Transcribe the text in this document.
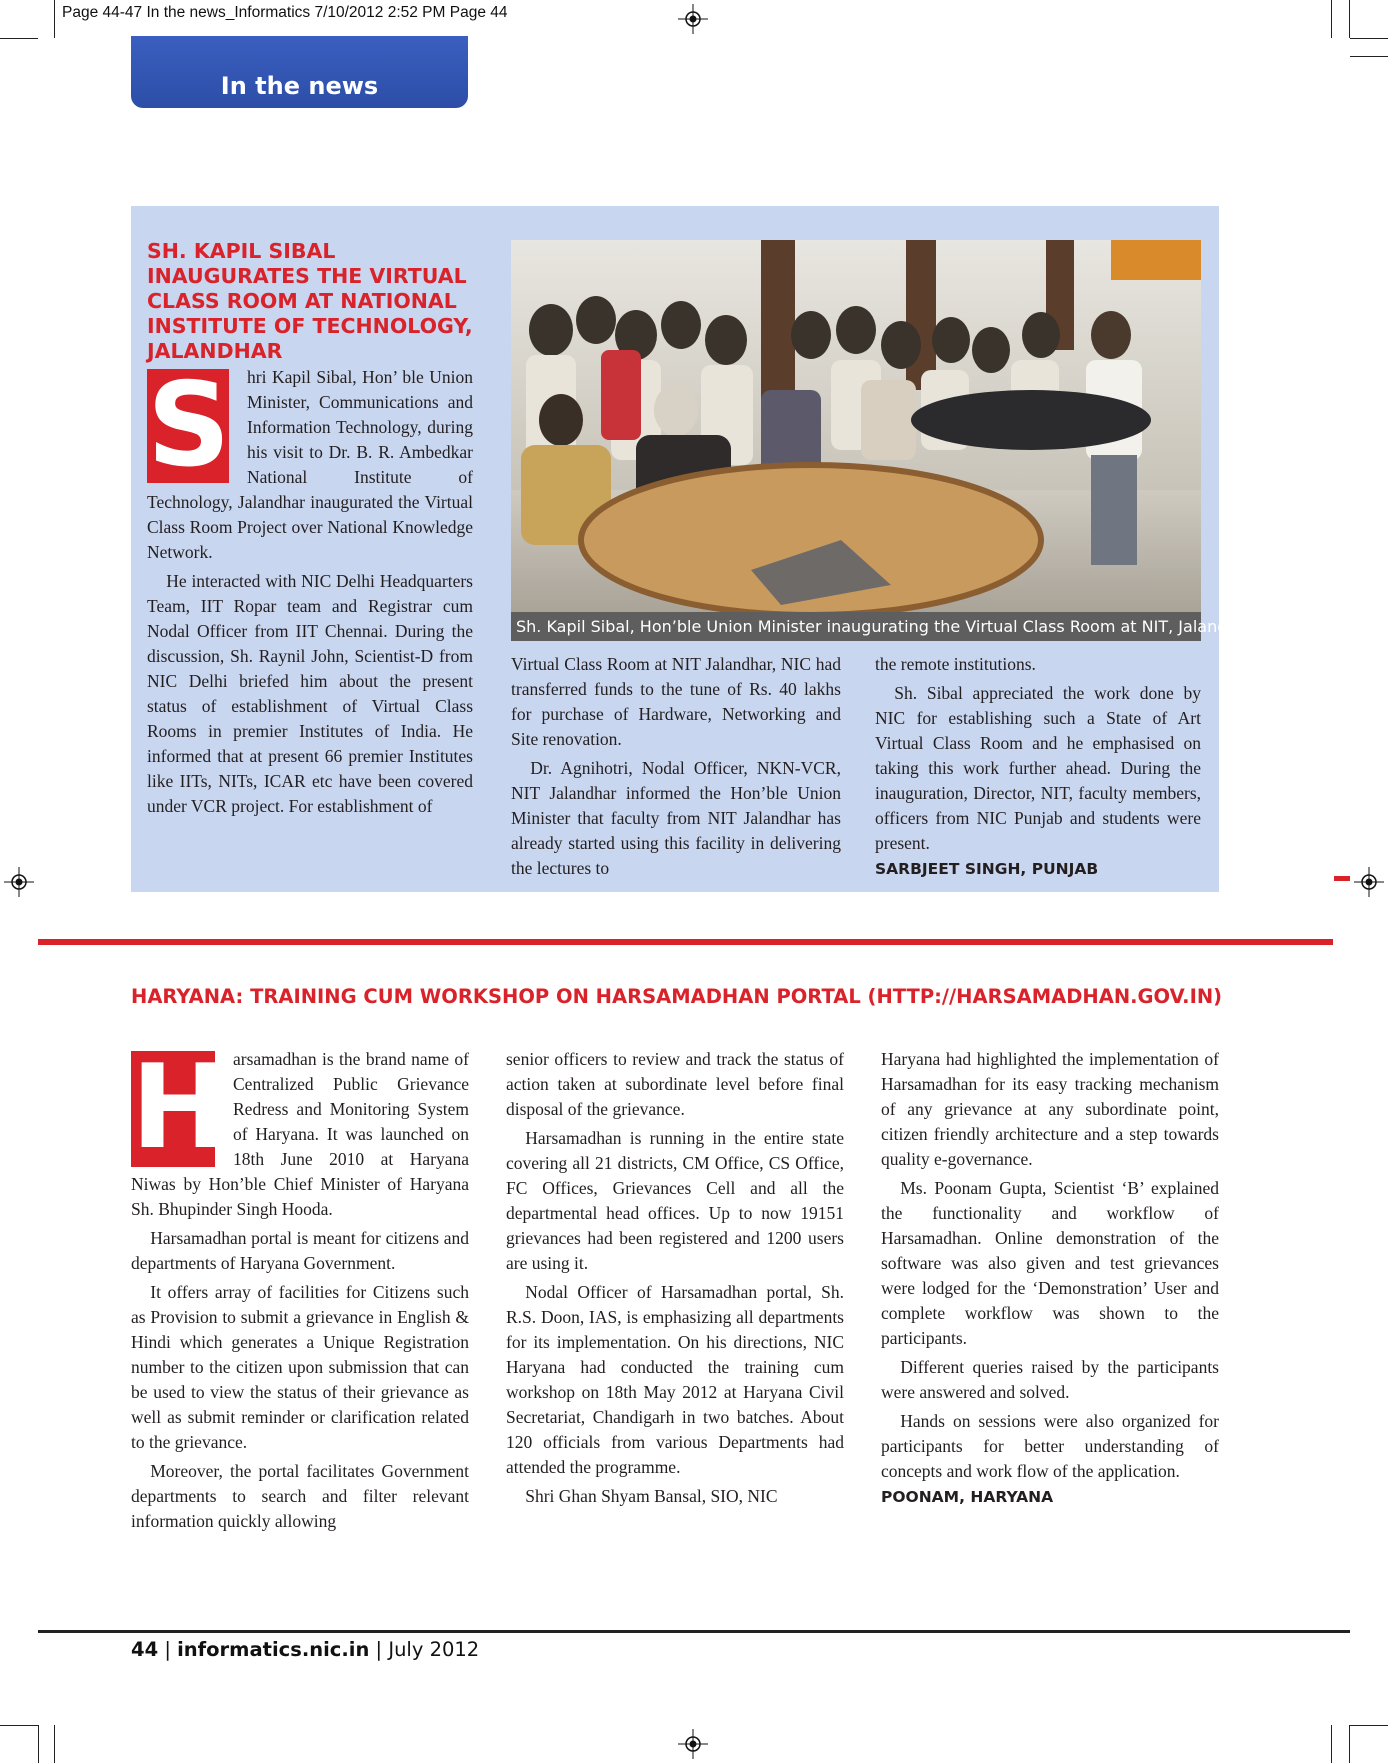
Page 44-47 In the news_Informatics 7/10/2012 2:52 PM Page 44
In the news
SH. KAPIL SIBAL INAUGURATES THE VIRTUAL CLASS ROOM AT NATIONAL INSTITUTE OF TECHNOLOGY, JALANDHAR
S hri Kapil Sibal, Hon’ ble Union Minister, Communications and Information Technology, during his visit to Dr. B. R. Ambedkar National Institute of Technology, Jalandhar inaugurated the Virtual Class Room Project over National Knowledge Network.

He interacted with NIC Delhi Headquarters Team, IIT Ropar team and Registrar cum Nodal Officer from IIT Chennai. During the discussion, Sh. Raynil John, Scientist-D from NIC Delhi briefed him about the present status of establishment of Virtual Class Rooms in premier Institutes of India. He informed that at present 66 premier Institutes like IITs, NITs, ICAR etc have been covered under VCR project. For establishment of

Sh. Kapil Sibal, Hon’ble Union Minister inaugurating the Virtual Class Room at NIT, Jalandhar

Virtual Class Room at NIT Jalandhar, NIC had transferred funds to the tune of Rs. 40 lakhs for purchase of Hardware, Networking and Site renovation.

Dr. Agnihotri, Nodal Officer, NKN-VCR, NIT Jalandhar informed the Hon’ble Union Minister that faculty from NIT Jalandhar has already started using this facility in delivering the lectures to

the remote institutions.

Sh. Sibal appreciated the work done by NIC for establishing such a State of Art Virtual Class Room and he emphasised on taking this work further ahead. During the inauguration, Director, NIT, faculty members, officers from NIC Punjab and students were present.

SARBJEET SINGH, PUNJAB
HARYANA: TRAINING CUM WORKSHOP ON HARSAMADHAN PORTAL (HTTP://HARSAMADHAN.GOV.IN)
H arsamadhan is the brand name of Centralized Public Grievance Redress and Monitoring System of Haryana. It was launched on 18th June 2010 at Haryana Niwas by Hon’ble Chief Minister of Haryana Sh. Bhupinder Singh Hooda.

Harsamadhan portal is meant for citizens and departments of Haryana Government.

It offers array of facilities for Citizens such as Provision to submit a grievance in English & Hindi which generates a Unique Registration number to the citizen upon submission that can be used to view the status of their grievance as well as submit reminder or clarification related to the grievance.

Moreover, the portal facilitates Government departments to search and filter relevant information quickly allowing

senior officers to review and track the status of action taken at subordinate level before final disposal of the grievance.

Harsamadhan is running in the entire state covering all 21 districts, CM Office, CS Office, FC Offices, Grievances Cell and all the departmental head offices. Up to now 19151 grievances had been registered and 1200 users are using it.

Nodal Officer of Harsamadhan portal, Sh. R.S. Doon, IAS, is emphasizing all departments for its implementation. On his directions, NIC Haryana had conducted the training cum workshop on 18th May 2012 at Haryana Civil Secretariat, Chandigarh in two batches. About 120 officials from various Departments had attended the programme.

Shri Ghan Shyam Bansal, SIO, NIC

Haryana had highlighted the implementation of Harsamadhan for its easy tracking mechanism of any grievance at any subordinate point, citizen friendly architecture and a step towards quality e-governance.

Ms. Poonam Gupta, Scientist ‘B’ explained the functionality and workflow of Harsamadhan. Online demonstration of the software was also given and test grievances were lodged for the ‘Demonstration’ User and complete workflow was shown to the participants.

Different queries raised by the participants were answered and solved.

Hands on sessions were also organized for participants for better understanding of concepts and work flow of the application.

POONAM, HARYANA
44 | informatics.nic.in | July 2012
